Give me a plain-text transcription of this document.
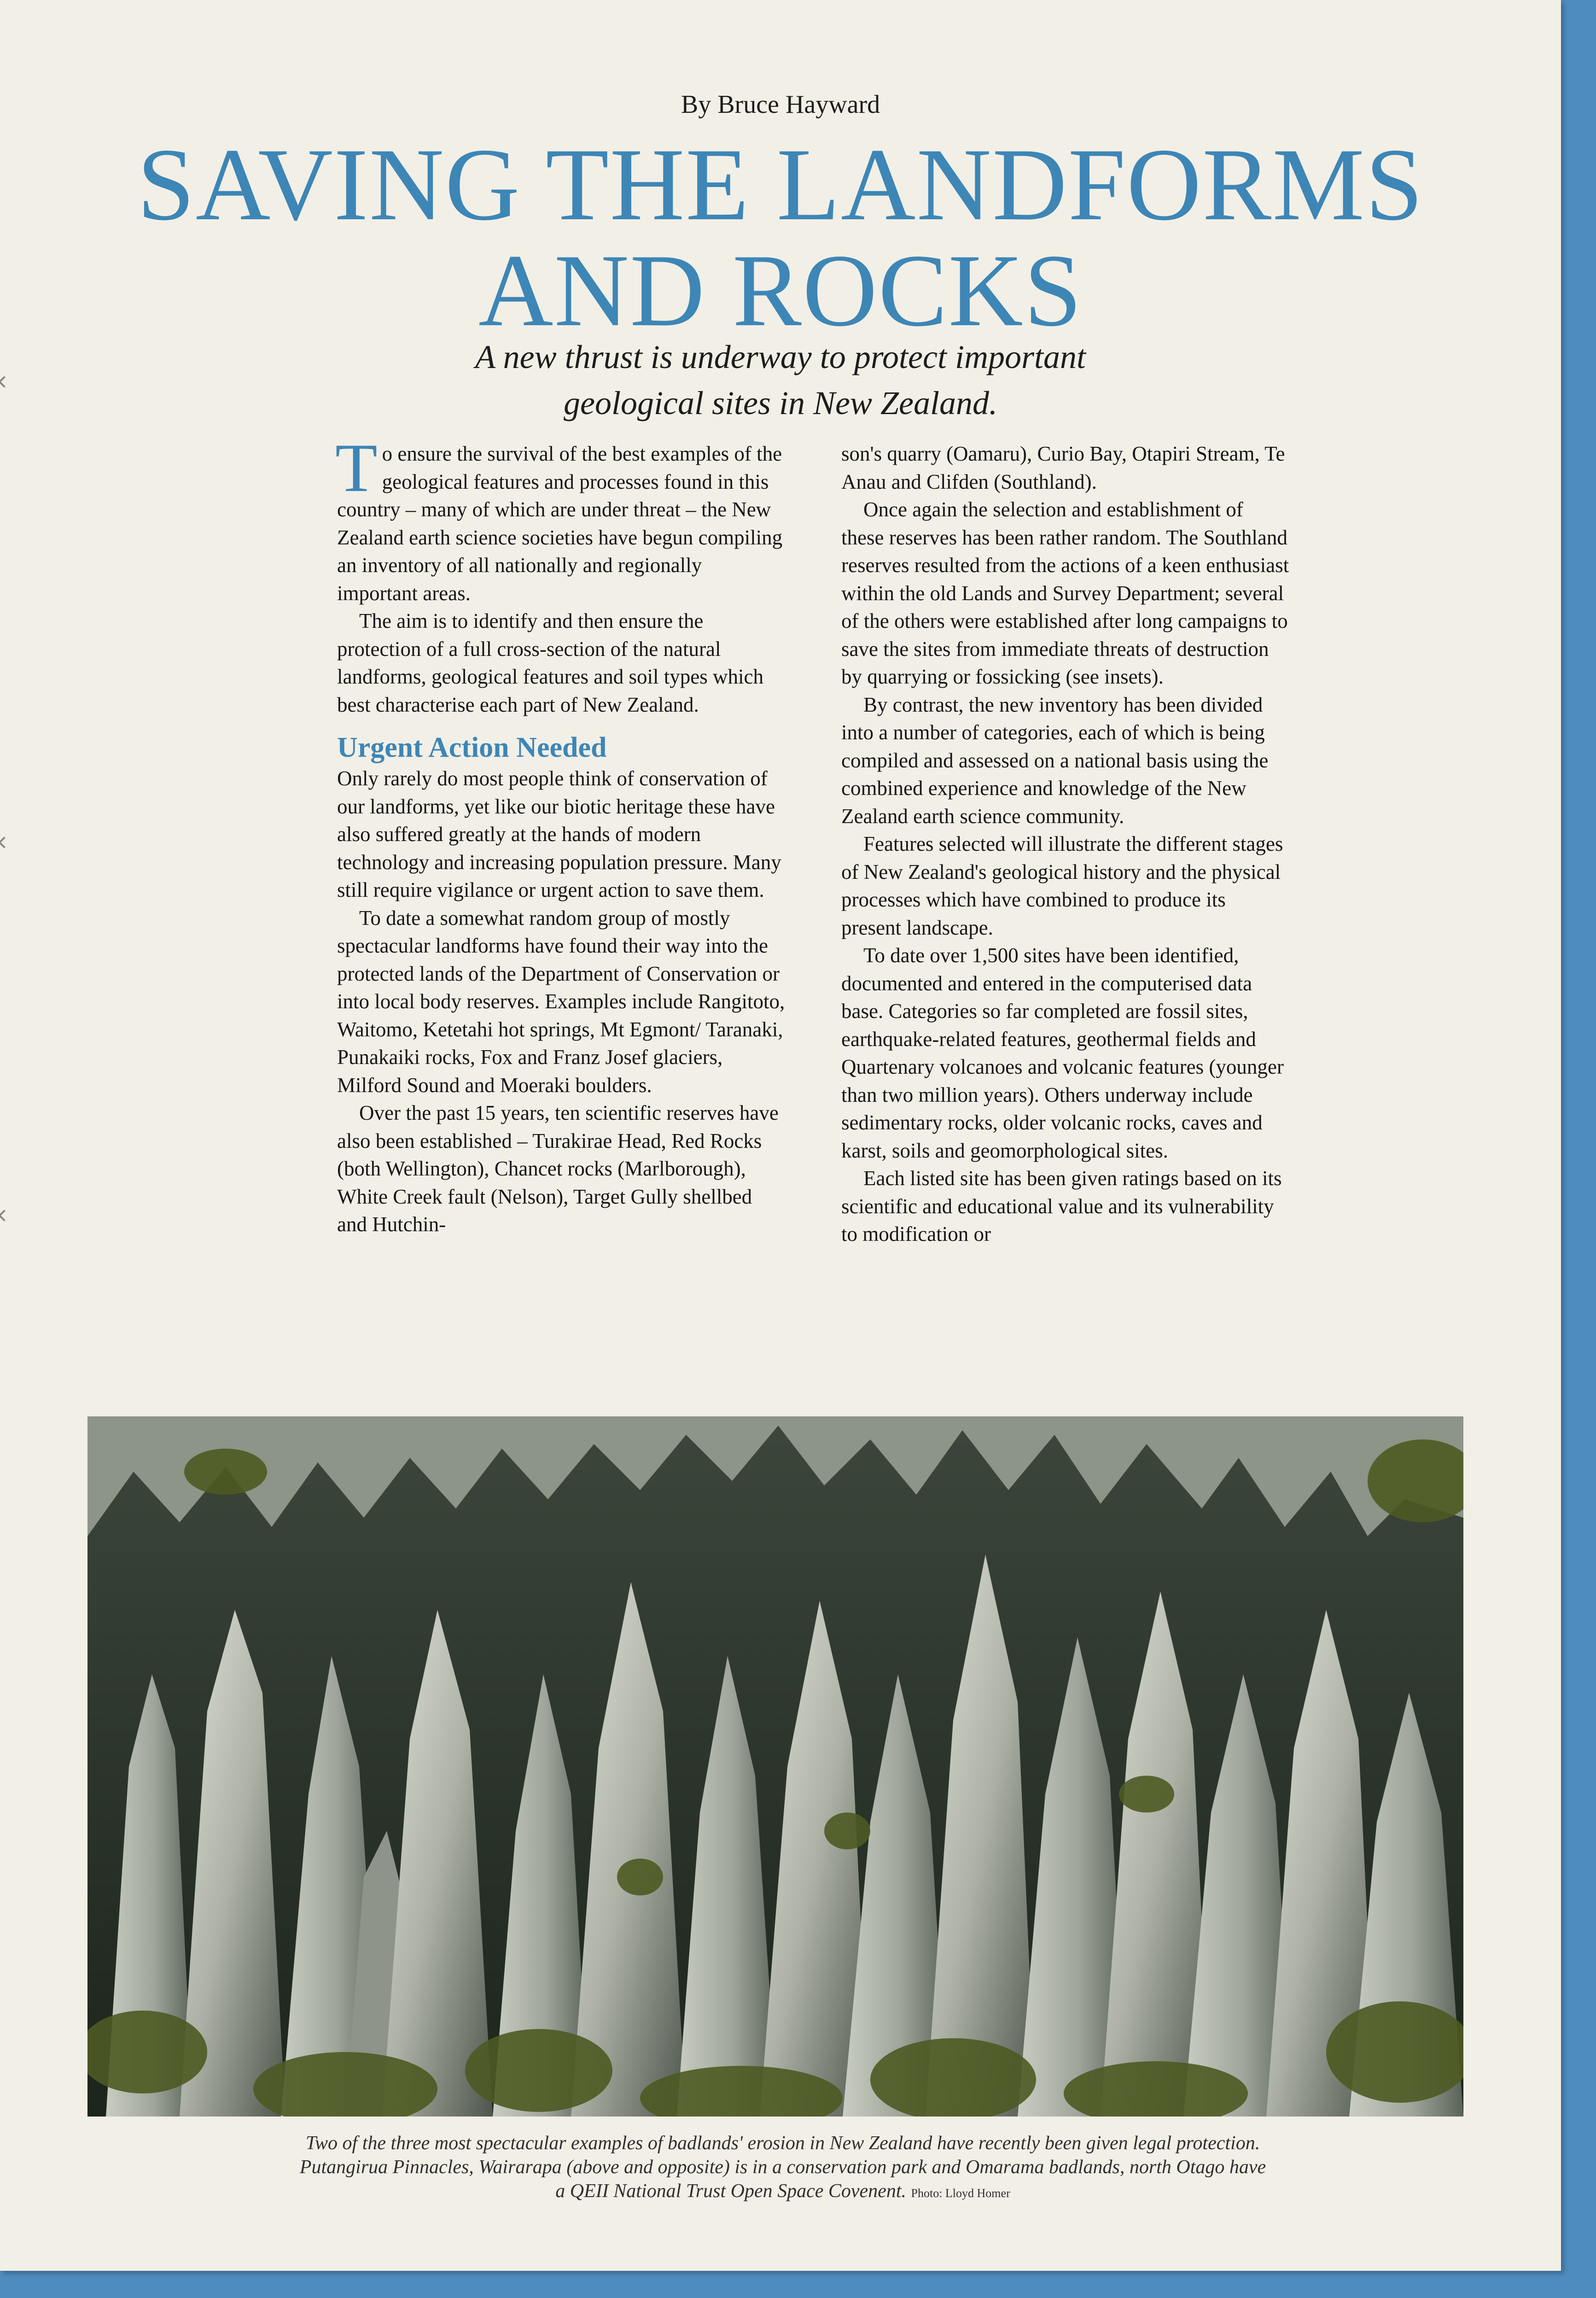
By Bruce Hayward
SAVING THE LANDFORMS
AND ROCKS
A new thrust is underway to protect important
geological sites in New Zealand.

To ensure the survival of the best examples of the geological features and processes found in this country – many of which are under threat – the New Zealand earth science societies have begun compiling an inventory of all nationally and regionally important areas.

The aim is to identify and then ensure the protection of a full cross-section of the natural landforms, geological features and soil types which best characterise each part of New Zealand.

Urgent Action Needed

Only rarely do most people think of conservation of our landforms, yet like our biotic heritage these have also suffered greatly at the hands of modern technology and increasing population pressure. Many still require vigilance or urgent action to save them.

To date a somewhat random group of mostly spectacular landforms have found their way into the protected lands of the Department of Conservation or into local body reserves. Examples include Rangitoto, Waitomo, Ketetahi hot springs, Mt Egmont/ Taranaki, Punakaiki rocks, Fox and Franz Josef glaciers, Milford Sound and Moeraki boulders.

Over the past 15 years, ten scientific reserves have also been established – Turakirae Head, Red Rocks (both Wellington), Chancet rocks (Marlborough), White Creek fault (Nelson), Target Gully shellbed and Hutchin-

son's quarry (Oamaru), Curio Bay, Otapiri Stream, Te Anau and Clifden (Southland).

Once again the selection and establishment of these reserves has been rather random. The Southland reserves resulted from the actions of a keen enthusiast within the old Lands and Survey Department; several of the others were established after long campaigns to save the sites from immediate threats of destruction by quarrying or fossicking (see insets).

By contrast, the new inventory has been divided into a number of categories, each of which is being compiled and assessed on a national basis using the combined experience and knowledge of the New Zealand earth science community.

Features selected will illustrate the different stages of New Zealand's geological history and the physical processes which have combined to produce its present landscape.

To date over 1,500 sites have been identified, documented and entered in the computerised data base. Categories so far completed are fossil sites, earthquake-related features, geothermal fields and Quartenary volcanoes and volcanic features (younger than two million years). Others underway include sedimentary rocks, older volcanic rocks, caves and karst, soils and geomorphological sites.

Each listed site has been given ratings based on its scientific and educational value and its vulnerability to modification or

Two of the three most spectacular examples of badlands' erosion in New Zealand have recently been given legal protection.
Putangirua Pinnacles, Wairarapa (above and opposite) is in a conservation park and Omarama badlands, north Otago have
a QEII National Trust Open Space Covenent. Photo: Lloyd Homer
